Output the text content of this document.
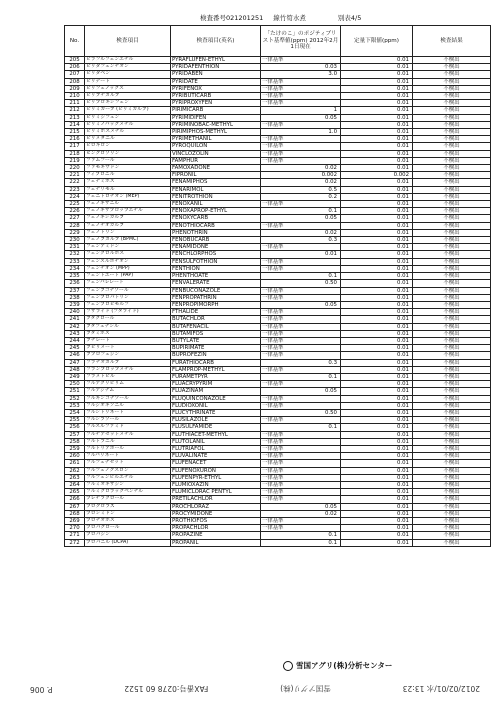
検査番号021201251 線竹筍水煮	別表4/5
No.	検査項目	検査項目(英名)	「たけのこ」のポジティブリスト基準値(ppm) 2012年2月1日現在	定量下限値(ppm)	検査結果
205	ピラフルフェンエチル	PYRAFLUFEN-ETHYL	一律基準	0.01	不検出
206	ピリダフェンチオン	PYRIDAFENTHION	0.03	0.01	不検出
207	ピリダベン	PYRIDABEN	3.0	0.01	不検出
208	ピリデート	PYRIDATE	一律基準	0.01	不検出
209	ピリフェノックス	PYRIFENOX	一律基準	0.01	不検出
210	ピリブチカルブ	PYRIBUTICARB	一律基準	0.01	不検出
211	ピリプロキシフェン	PYRIPROXYFEN	一律基準	0.01	不検出
212	ピリミカーブ (ピリミカルブ)	PIRIMICARB	1	0.01	不検出
213	ピリミジフェン	PYRIMIDIFEN	0.05	0.01	不検出
214	ピリミノバックメチル	PYRIMINOBAC-METHYL	一律基準	0.01	不検出
215	ピリミホスメチル	PIRIMIPHOS-METHYL	1.0	0.01	不検出
216	ピリメタニル	PYRIMETHANIL	一律基準	0.01	不検出
217	ピロキロン	PYROQUILON	一律基準	0.01	不検出
218	ビンクロゾリン	VINCLOZOLIN	一律基準	0.01	不検出
219	ファムフール	FAMPHUR	一律基準	0.01	不検出
220	ファモキサドン	FAMOXADONE	0.02	0.01	不検出
221	フィプロニル	FIPRONIL	0.002	0.002	不検出
222	フェナミホス	FENAMIPHOS	0.02	0.01	不検出
223	フェナリモル	FENARIMOL	0.5	0.01	不検出
224	フェニトロチオン (MEP)	FENITROTHION	0.2	0.01	不検出
225	フェノキサニル	FENOXANIL	一律基準	0.01	不検出
226	フェノキサプロップエチル	FENOXAPROP-ETHYL	0.1	0.01	不検出
227	フェノキシカルブ	FENOXYCARB	0.05	0.01	不検出
228	フェノチオカルブ	FENOTHIOCARB	一律基準	0.01	不検出
229	フェノトリン	PHENOTHRIN	0.02	0.01	不検出
230	フェノブカルブ (BPMC)	FENOBUCARB	0.3	0.01	不検出
231	フェンアミドン	FENAMIDONE	一律基準	0.01	不検出
232	フェンクロルホス	FENCHLORPHOS	0.01	0.01	不検出
233	フェンスルホチオン	FENSULFOTHION	一律基準	0.01	不検出
234	フェンチオン (MPP)	FENTHION	一律基準	0.01	不検出
235	フェントエート (PAP)	PHENTHOATE	0.1	0.01	不検出
236	フェンバレレート	FENVALERATE	0.50	0.01	不検出
237	フェンブコナゾール	FENBUCONAZOLE	一律基準	0.01	不検出
238	フェンプロパトリン	FENPROPATHRIN	一律基準	0.01	不検出
239	フェンプロピモルフ	FENPROPIMORPH	0.05	0.01	不検出
240	フサライド (フタライド)	FTHALIDE	一律基準	0.01	不検出
241	ブタクロール	BUTACHLOR	一律基準	0.01	不検出
242	ブタフェナシル	BUTAFENACIL	一律基準	0.01	不検出
243	ブタミホス	BUTAMIFOS	一律基準	0.01	不検出
244	ブチレート	BUTYLATE	一律基準	0.01	不検出
245	ブピリメート	BUPIRIMATE	一律基準	0.01	不検出
246	ブプロフェジン	BUPROFEZIN	一律基準	0.01	不検出
247	フラチオカルブ	FURATHIOCARB	0.3	0.01	不検出
248	フランプロップメチル	FLAMPROP-METHYL	一律基準	0.01	不検出
249	フラメトピル	FURAMETPYR	0.1	0.01	不検出
250	フルアクリピリム	FLUACRYPYRIM	一律基準	0.01	不検出
251	フルアジナム	FLUAZINAM	0.05	0.01	不検出
252	フルキンコナゾール	FLUQUINCONAZOLE	一律基準	0.01	不検出
253	フルジオキソニル	FLUDIOXONIL	一律基準	0.01	不検出
254	フルシトリネート	FLUCYTHRINATE	0.50	0.01	不検出
255	フルシラゾール	FLUSILAZOLE	一律基準	0.01	不検出
256	フルスルファミド	FLUSULFAMIDE	0.1	0.01	不検出
257	フルチアセットメチル	FLUTHIACET-METHYL	一律基準	0.01	不検出
258	フルトラニル	FLUTOLANIL	一律基準	0.01	不検出
259	フルトリアホール	FLUTRIAFOL	一律基準	0.01	不検出
260	フルバリネート	FLUVALINATE	一律基準	0.01	不検出
261	フルフェナセット	FLUFENACET	一律基準	0.01	不検出
262	フルフェノクスロン	FLUFENOXURON	一律基準	0.01	不検出
263	フルフェンピルエチル	FLUFENPYR-ETHYL	一律基準	0.01	不検出
264	フルミオキサジン	FLUMIOXAZIN	一律基準	0.01	不検出
265	フルミクロラックペンチル	FLUMICLORAC PENTYL	一律基準	0.01	不検出
266	プレチラクロール	PRETILACHLOR	一律基準	0.01	不検出
267	プロクロラズ	PROCHLORAZ	0.05	0.01	不検出
268	プロシミドン	PROCYMIDONE	0.02	0.01	不検出
269	プロチオホス	PROTHIOFOS	一律基準	0.01	不検出
270	プロパクロール	PROPACHLOR	一律基準	0.01	不検出
271	プロパジン	PROPAZINE	0.1	0.01	不検出
272	プロパニル (DCPA)	PROPANIL	0.1	0.01	不検出
雪国アグリ(株)分析センター
2012/02/01/水 13:23
雪国アグリ(株)
FAX番号:0278 60 1522
P. 006
